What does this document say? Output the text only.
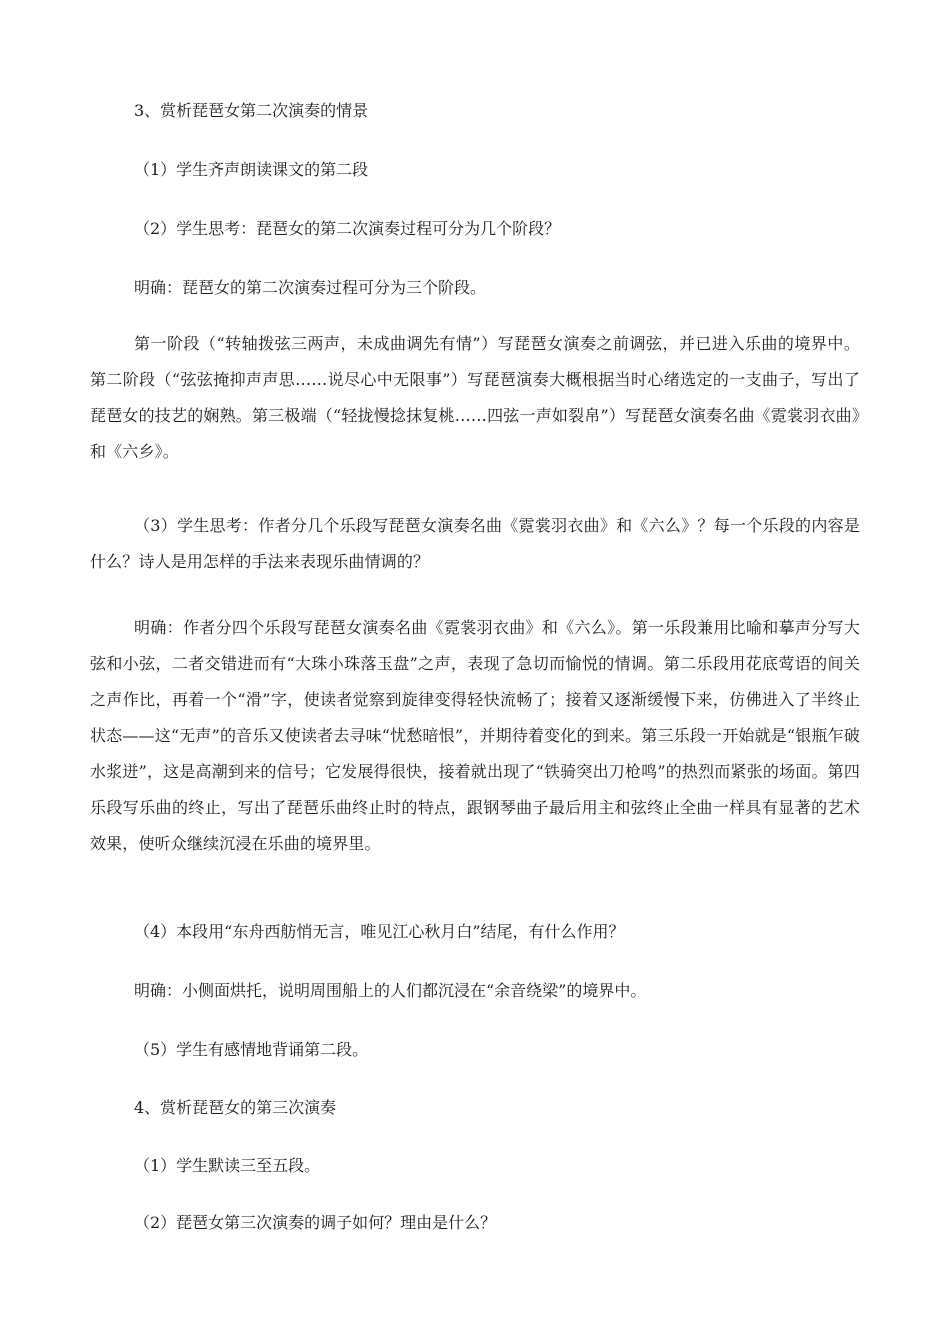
3、赏析琵琶女第二次演奏的情景
（1）学生齐声朗读课文的第二段
（2）学生思考：琵琶女的第二次演奏过程可分为几个阶段？
明确：琵琶女的第二次演奏过程可分为三个阶段。
第一阶段（“转轴拨弦三两声，未成曲调先有情”）写琵琶女演奏之前调弦，并已进入乐曲的境界中。第二阶段（“弦弦掩抑声声思……说尽心中无限事”）写琵琶演奏大概根据当时心绪选定的一支曲子，写出了琵琶女的技艺的娴熟。第三极端（“轻拢慢捻抹复桃……四弦一声如裂帛”）写琵琶女演奏名曲《霓裳羽衣曲》和《六乡》。
（3）学生思考：作者分几个乐段写琵琶女演奏名曲《霓裳羽衣曲》和《六么》？每一个乐段的内容是什么？诗人是用怎样的手法来表现乐曲情调的？
明确：作者分四个乐段写琵琶女演奏名曲《霓裳羽衣曲》和《六么》。第一乐段兼用比喻和摹声分写大弦和小弦，二者交错进而有“大珠小珠落玉盘”之声，表现了急切而愉悦的情调。第二乐段用花底莺语的间关之声作比，再着一个“滑”字，使读者觉察到旋律变得轻快流畅了；接着又逐渐缓慢下来，仿佛进入了半终止状态——这“无声”的音乐又使读者去寻味“忧愁暗恨”，并期待着变化的到来。第三乐段一开始就是“银瓶乍破水浆迸”，这是高潮到来的信号；它发展得很快，接着就出现了“铁骑突出刀枪鸣”的热烈而紧张的场面。第四乐段写乐曲的终止，写出了琵琶乐曲终止时的特点，跟钢琴曲子最后用主和弦终止全曲一样具有显著的艺术效果，使听众继续沉浸在乐曲的境界里。
（4）本段用“东舟西舫悄无言，唯见江心秋月白”结尾，有什么作用？
明确：小侧面烘托，说明周围船上的人们都沉浸在“余音绕梁”的境界中。
（5）学生有感情地背诵第二段。
4、赏析琵琶女的第三次演奏
（1）学生默读三至五段。
（2）琵琶女第三次演奏的调子如何？理由是什么？
